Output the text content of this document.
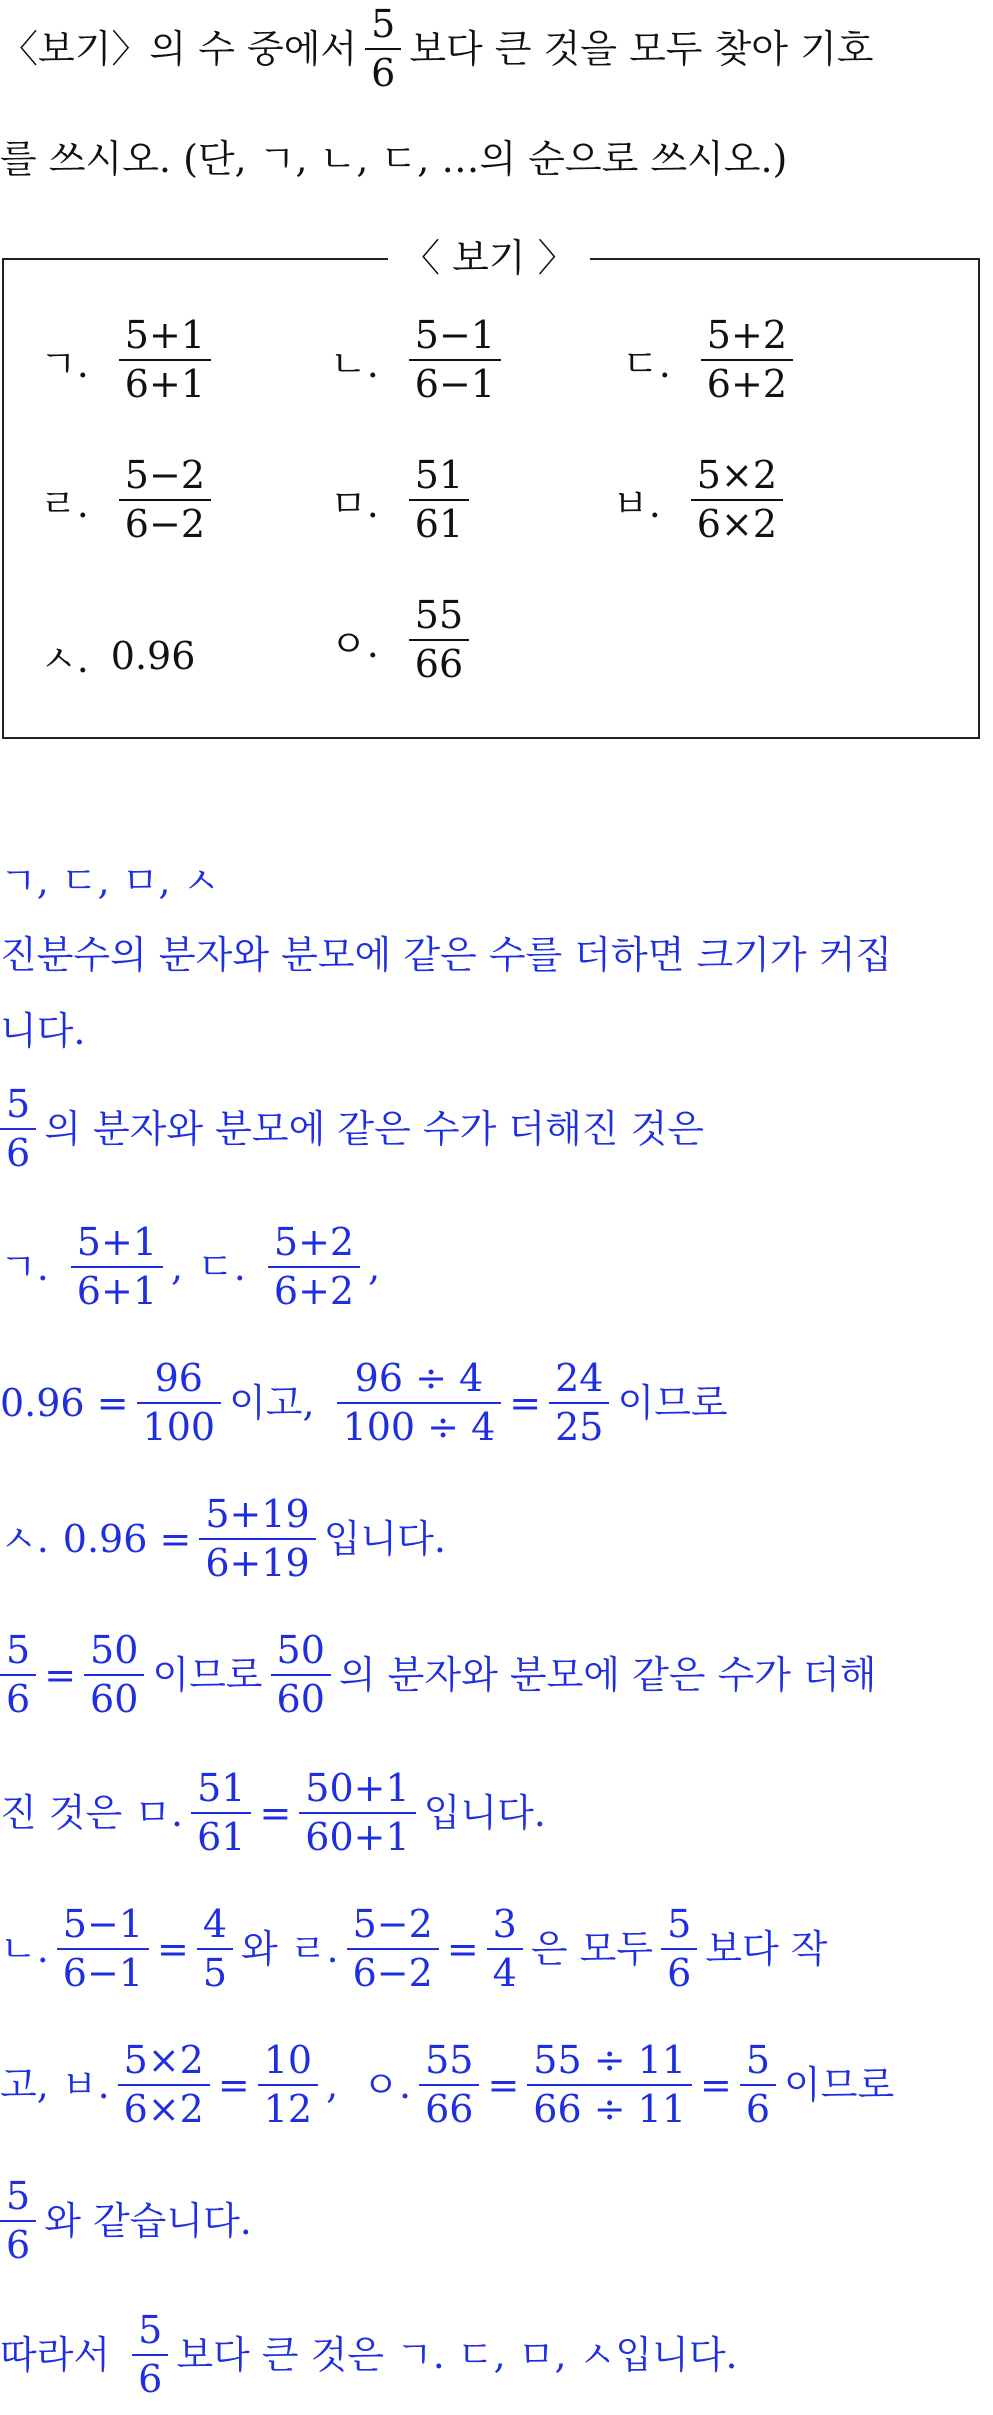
〈보기〉의 수 중에서 $\frac{5}{6}$ 보다 큰 것을 모두 찾아 기호
를 쓰시오. (단, ㄱ, ㄴ, ㄷ, …의 순으로 쓰시오.)
〈 보기 〉
ㄱ. $\frac{5+1}{6+1}$	ㄴ. $\frac{5-1}{6-1}$	ㄷ. $\frac{5+2}{6+2}$
ㄹ. $\frac{5-2}{6-2}$	ㅁ. $\frac{51}{61}$	ㅂ. $\frac{5\times 2}{6\times 2}$
ㅅ. 0.96	ㅇ. $\frac{55}{66}$
ㄱ, ㄷ, ㅁ, ㅅ
진분수의 분자와 분모에 같은 수를 더하면 크기가 커집
니다.
$\frac{5}{6}$ 의 분자와 분모에 같은 수가 더해진 것은
ㄱ. $\frac{5+1}{6+1}$ , ㄷ. $\frac{5+2}{6+2}$ ,
$0.96 = \frac{96}{100}$ 이고, $\frac{96 \div 4}{100 \div 4} = \frac{24}{25}$ 이므로
ㅅ. $0.96 = \frac{5+19}{6+19}$ 입니다.
$\frac{5}{6} = \frac{50}{60}$ 이므로 $\frac{50}{60}$ 의 분자와 분모에 같은 수가 더해
진 것은 ㅁ. $\frac{51}{61} = \frac{50+1}{60+1}$ 입니다.
ㄴ. $\frac{5-1}{6-1} = \frac{4}{5}$ 와 ㄹ. $\frac{5-2}{6-2} = \frac{3}{4}$ 은 모두 $\frac{5}{6}$ 보다 작
고, ㅂ. $\frac{5\times 2}{6\times 2} = \frac{10}{12}$ ,  ㅇ. $\frac{55}{66} = \frac{55 \div 11}{66 \div 11} = \frac{5}{6}$ 이므로
$\frac{5}{6}$ 와 같습니다.
따라서 $\frac{5}{6}$ 보다 큰 것은 ㄱ. ㄷ, ㅁ, ㅅ입니다.
